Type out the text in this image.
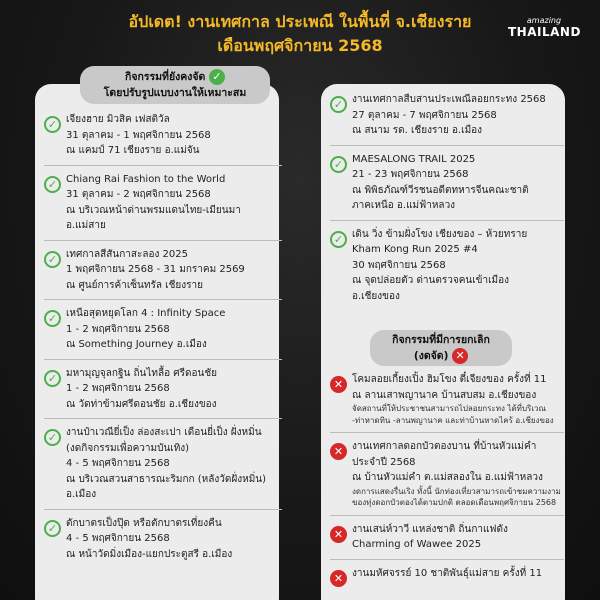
อัปเดต! งานเทศกาล ประเพณี ในพื้นที่ จ.เชียงราย
เดือนพฤศจิกายน 2568
amazing
THAILAND
กิจกรรมที่ยังคงจัด ✓
โดยปรับรูปแบบงานให้เหมาะสม
กิจกรรมที่มีการยกเลิก
(งดจัด) ✕
✓ เจียงฮาย มิวสิค เฟสติวัล
31 ตุลาคม - 1 พฤศจิกายน 2568
ณ แคมป์ 71 เชียงราย อ.แม่จัน
✓ Chiang Rai Fashion to the World
31 ตุลาคม - 2 พฤศจิกายน 2568
ณ บริเวณหน้าด่านพรมแดนไทย-เมียนมา
อ.แม่สาย
✓ เทศกาลสีสันกาสะลอง 2025
1 พฤศจิกายน 2568 - 31 มกราคม 2569
ณ ศูนย์การค้าเซ็นทรัล เชียงราย
✓ เหนือสุดหยุดโลก 4 : Infinity Space
1 - 2 พฤศจิกายน 2568
ณ Something Journey อ.เมือง
✓ มหามุญจุลกฐิน ถิ่นไทลื้อ ศรีดอนชัย
1 - 2 พฤศจิกายน 2568
ณ วัดท่าข้ามศรีดอนชัย อ.เชียงของ
✓ งานป๋าเวณียี่เป็ง ล่องสะเปา เดือนยี่เป็ง ฝั่งหมิ่น
(งดกิจกรรมเพื่อความบันเทิง)
4 - 5 พฤศจิกายน 2568
ณ บริเวณสวนสาธารณะริมกก (หลังวัดฝั่งหมิ่น)
อ.เมือง
✓ ตักบาตรเป็งปุ๊ด หรือตักบาตรเที่ยงคืน
4 - 5 พฤศจิกายน 2568
ณ หน้าวัดมิ่งเมือง-แยกประตูสรี อ.เมือง
✓ งานเทศกาลสืบสานประเพณีลอยกระทง 2568
27 ตุลาคม - 7 พฤศจิกายน 2568
ณ สนาม รด. เชียงราย อ.เมือง
✓ MAESALONG TRAIL 2025
21 - 23 พฤศจิกายน 2568
ณ พิพิธภัณฑ์วีรชนอดีตทหารจีนคณะชาติ
ภาคเหนือ อ.แม่ฟ้าหลวง
✓ เดิน วิ่ง ข้ามฝั่งโขง เชียงของ – ห้วยทราย
Kham Kong Run 2025 #4
30 พฤศจิกายน 2568
ณ จุดปล่อยตัว ด่านตรวจคนเข้าเมือง
อ.เชียงของ
✕ โคมลอยเกี้ยงเปิ้ง ฮิมโขง ตี๋เจียงของ ครั้งที่ 11
ณ ลานเสาพญานาค บ้านสบสม อ.เชียงของ
จัดสถานที่ให้ประชาชนสามารถไปลอยกระทง ได้ที่บริเวณ
-ท่าหาดทิน -ลานพญานาค และท่าบ้านหาดไคร้ อ.เชียงของ
✕ งานเทศกาลดอกบัวตองบาน ที่บ้านหัวแม่คำ
ประจำปี 2568
ณ บ้านหัวแม่คำ ต.แม่สลองใน อ.แม่ฟ้าหลวง
งดการแสดงรื่นเริง ทั้งนี้ นักท่องเที่ยวสามารถเข้าชมความงาม
ของทุ่งดอกบัวตองได้ตามปกติ ตลอดเดือนพฤศจิกายน 2568
✕ งานเสน่ห์วาวี แหล่งชาติ ถิ่นกาแฟดัง
Charming of Wawee 2025
✕ งานมหัศจรรย์ 10 ชาติพันธุ์แม่สาย ครั้งที่ 11
